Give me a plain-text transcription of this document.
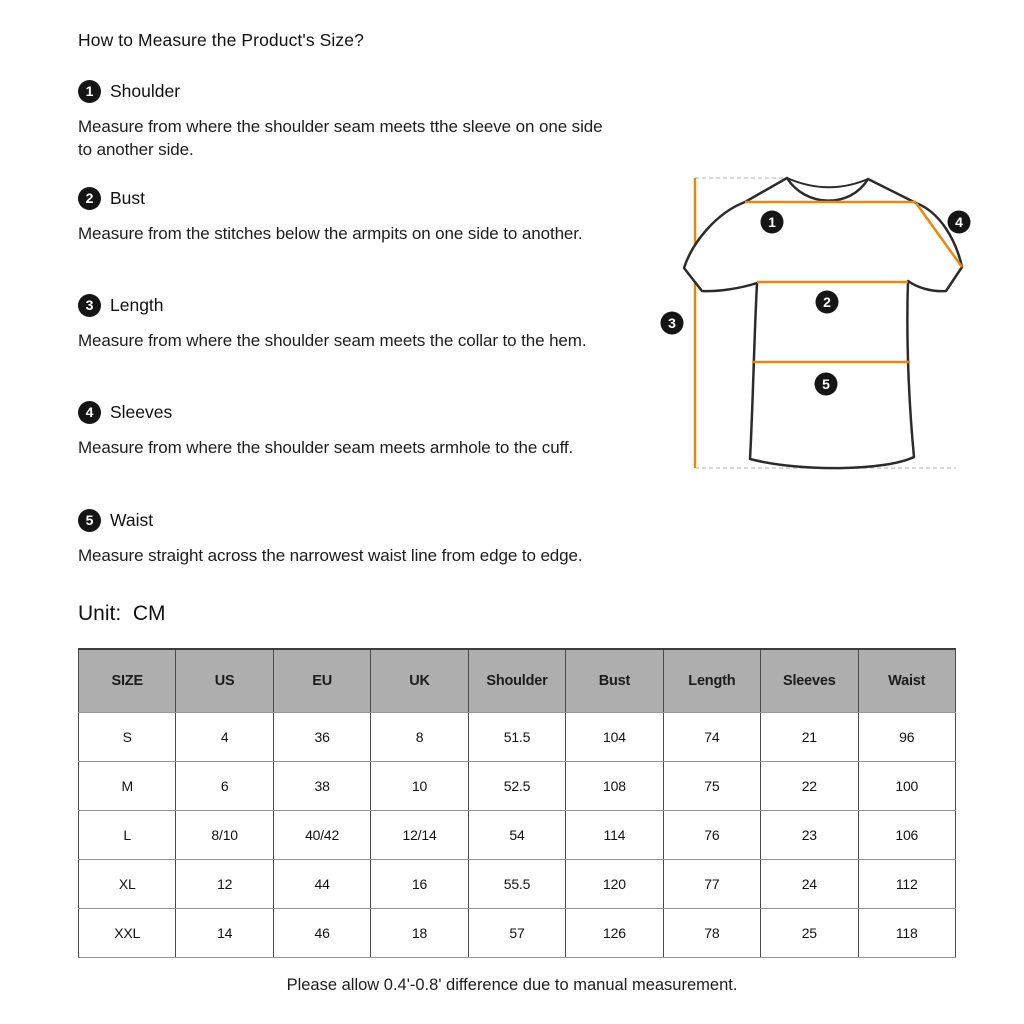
How to Measure the Product's Size?
1 Shoulder

Measure from where the shoulder seam meets tthe sleeve on one side to another side.

2 Bust

Measure from the stitches below the armpits on one side to another.

3 Length

Measure from where the shoulder seam meets the collar to the hem.

4 Sleeves

Measure from where the shoulder seam meets armhole to the cuff.

5 Waist

Measure straight across the narrowest waist line from edge to edge.

Unit:  CM
1
2
3
4
5
SIZE	US	EU	UK	Shoulder	Bust	Length	Sleeves	Waist
S	4	36	8	51.5	104	74	21	96
M	6	38	10	52.5	108	75	22	100
L	8/10	40/42	12/14	54	114	76	23	106
XL	12	44	16	55.5	120	77	24	112
XXL	14	46	18	57	126	78	25	118
Please allow 0.4'-0.8' difference due to manual measurement.
